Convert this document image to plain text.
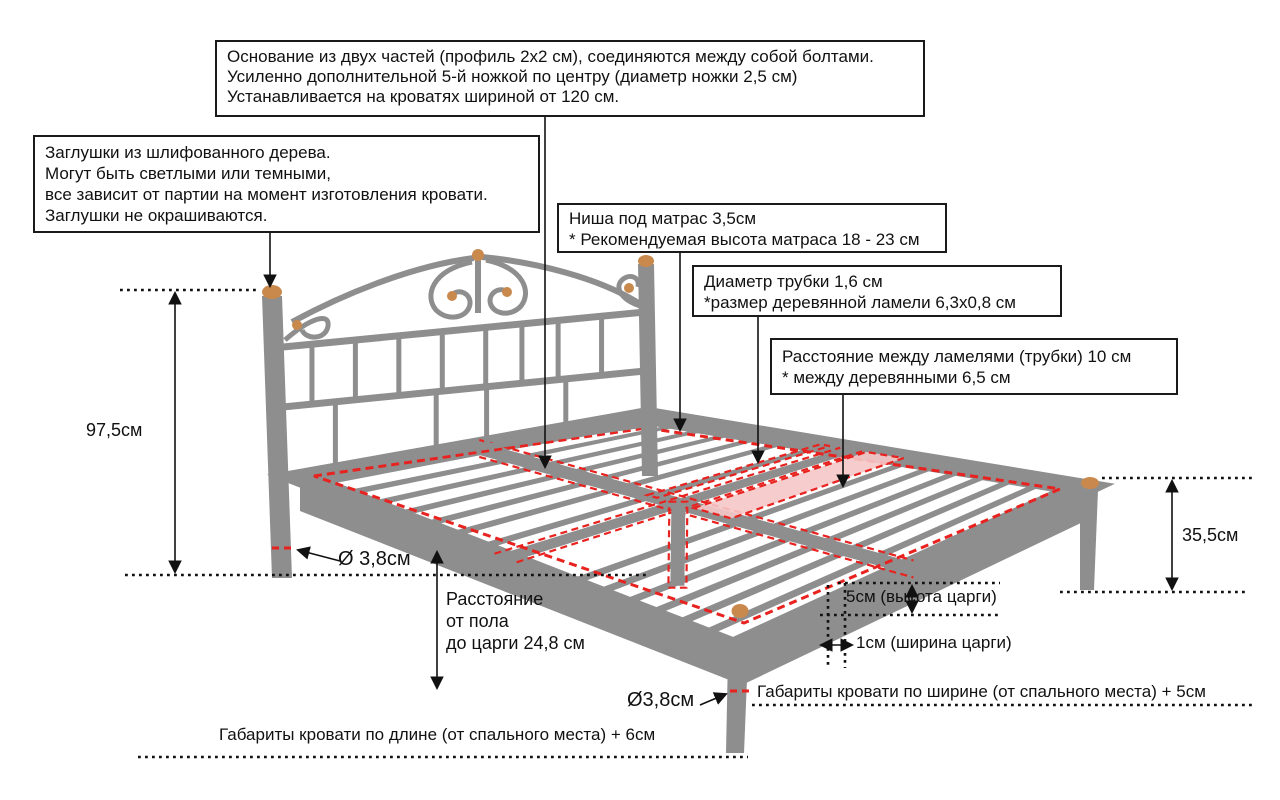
Основание из двух частей (профиль 2х2 см), соединяются между собой болтами.
Усиленно дополнительной 5-й ножкой по центру (диаметр ножки 2,5 см)
Устанавливается на кроватях шириной от 120 см.
Заглушки из шлифованного дерева.
Могут быть светлыми или темными,
все зависит от партии на момент изготовления кровати.
Заглушки не окрашиваются.	Ниша под матрас 3,5см
* Рекомендуемая высота матраса 18 - 23 см
Диаметр трубки 1,6 см
*размер деревянной ламели 6,3х0,8 см
Расстояние между ламелями (трубки) 10 см
* между деревянными 6,5 см
97,5см
35,5см
Ø 3,8см
Расстояние
от пола
до царги 24,8 см
5см (высота царги)
1см (ширина царги)
Ø3,8см	Габариты кровати по ширине (от спального места) + 5см
Габариты кровати по длине (от спального места) + 6см
